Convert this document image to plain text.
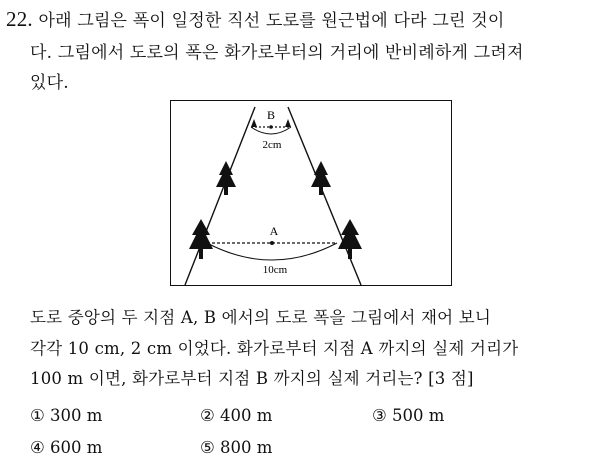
22. 아래 그림은 폭이 일정한 직선 도로를 원근법에 다라 그린 것이
다. 그림에서 도로의 폭은 화가로부터의 거리에 반비례하게 그려져
있다.
B
2cm
A
10cm
도로 중앙의 두 지점 A, B 에서의 도로 폭을 그림에서 재어 보니
각각 10 cm, 2 cm 이었다. 화가로부터 지점 A 까지의 실제 거리가
100 m 이면, 화가로부터 지점 B 까지의 실제 거리는? [3 점]
① 300 m	② 400 m	③ 500 m
④ 600 m	⑤ 800 m
